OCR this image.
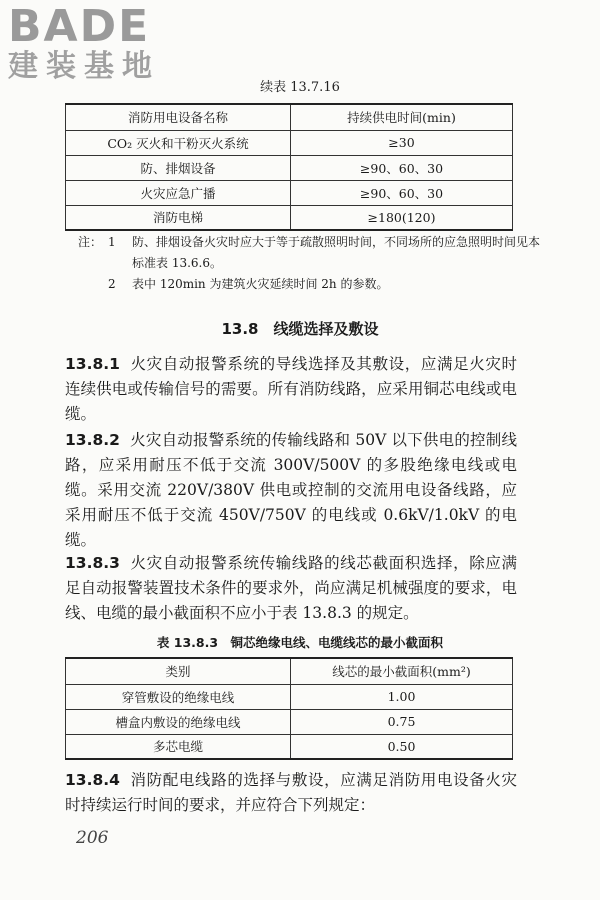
BADE
建装基地
续表 13.7.16
消防用电设备名称	持续供电时间(min)
CO₂ 灭火和干粉灭火系统	≥30
防、排烟设备	≥90、60、30
火灾应急广播	≥90、60、30
消防电梯	≥180(120)
注： 1	防、排烟设备火灾时应大于等于疏散照明时间，不同场所的应急照明时间见本标准表 13.6.6。
2	表中 120min 为建筑火灾延续时间 2h 的参数。
13.8　线缆选择及敷设

13.8.1 火灾自动报警系统的导线选择及其敷设，应满足火灾时连续供电或传输信号的需要。所有消防线路，应采用铜芯电线或电缆。

13.8.2 火灾自动报警系统的传输线路和 50V 以下供电的控制线路，应采用耐压不低于交流 300V/500V 的多股绝缘电线或电缆。采用交流 220V/380V 供电或控制的交流用电设备线路，应采用耐压不低于交流 450V/750V 的电线或 0.6kV/1.0kV 的电缆。

13.8.3 火灾自动报警系统传输线路的线芯截面积选择，除应满足自动报警装置技术条件的要求外，尚应满足机械强度的要求，电线、电缆的最小截面积不应小于表 13.8.3 的规定。

表 13.8.3　铜芯绝缘电线、电缆线芯的最小截面积
类别	线芯的最小截面积(mm²)
穿管敷设的绝缘电线	1.00
槽盒内敷设的绝缘电线	0.75
多芯电缆	0.50

13.8.4 消防配电线路的选择与敷设，应满足消防用电设备火灾时持续运行时间的要求，并应符合下列规定：

206
